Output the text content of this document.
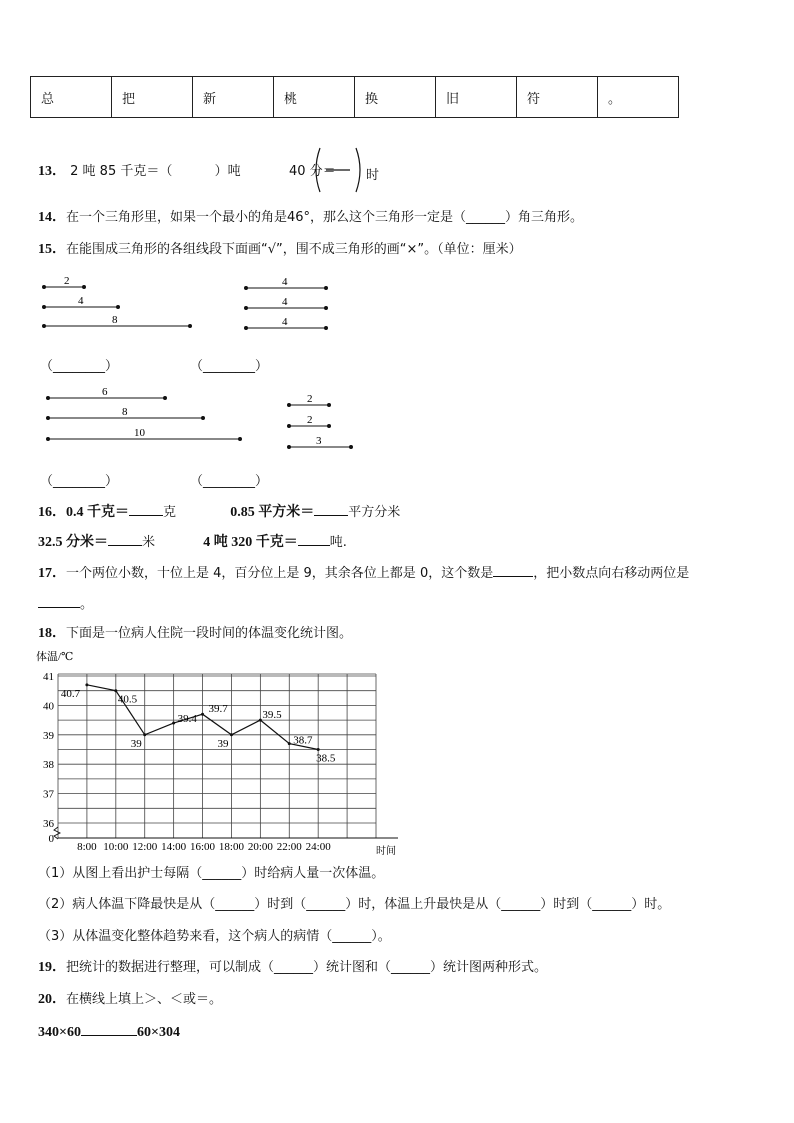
总	把	新	桃	换	旧	符	。
13． 2 吨 85 千克＝（	）吨	40 分＝ 时
14．在一个三角形里，如果一个最小的角是46°，那么这个三角形一定是（______）角三角形。
15．在能围成三角形的各组线段下面画“√”，围不成三角形的画“×”。（单位：厘米）
2
4
8
4
4
4
（________）	（________）
6
8
10
2
2
3
（________）	（________）
16．0.4 千克＝	克	0.85 平方米＝	平方分米
32.5 分米＝	米	4 吨 320 千克＝ 吨.
17．一个两位小数，十位上是 4，百分位上是 9，其余各位上都是 0，这个数是	，把小数点向右移动两位是
。
18．下面是一位病人住院一段时间的体温变化统计图。
体温/℃
0
36
37
38
39
40
41
8:00 10:00 12:00 14:00 16:00 18:00 20:00 22:00 24:00
40.7	40.5
39
39.4
39.7
39
39.5
38.7
38.5
时间
（1）从图上看出护士每隔（______）时给病人量一次体温。
（2）病人体温下降最快是从（______）时到（______）时，体温上升最快是从（______）时到（______）时。
（3）从体温变化整体趋势来看，这个病人的病情（______）。
19．把统计的数据进行整理，可以制成（______）统计图和（______）统计图两种形式。
20．在横线上填上＞、＜或＝。
340×60	60×304
